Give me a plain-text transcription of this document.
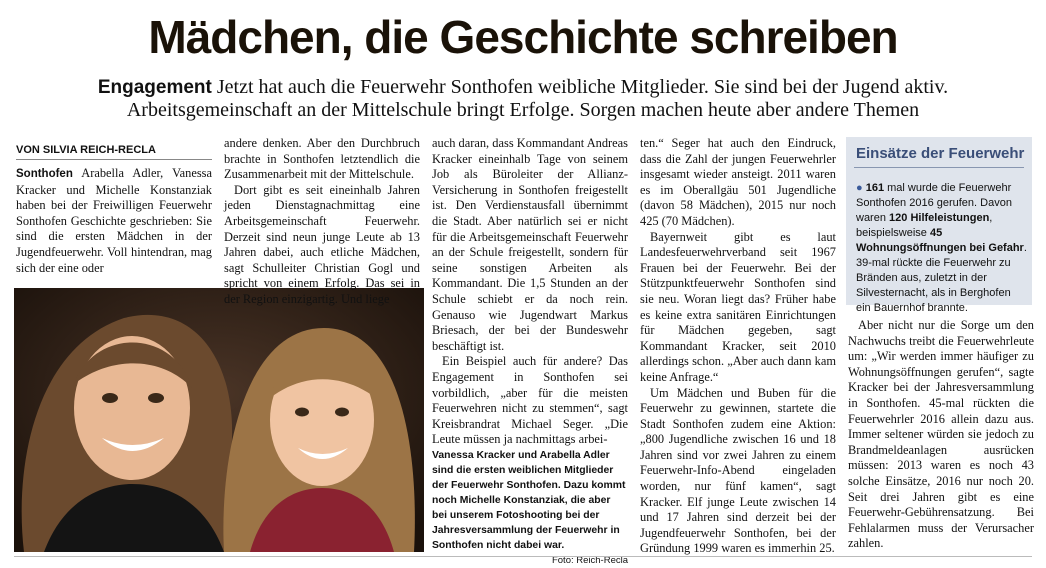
Mädchen, die Geschichte schreiben
Engagement Jetzt hat auch die Feuerwehr Sonthofen weibliche Mitglieder. Sie sind bei der Jugend aktiv.
Arbeitsgemeinschaft an der Mittelschule bringt Erfolge. Sorgen machen heute aber andere Themen
VON SILVIA REICH-RECLA

Sonthofen Arabella Adler, Vanessa Kracker und Michelle Konstanziak haben bei der Freiwilligen Feuerwehr Sonthofen Geschichte geschrieben: Sie sind die ersten Mädchen in der Jugendfeuerwehr. Voll hintendran, mag sich der eine oder

andere denken. Aber den Durchbruch brachte in Sonthofen letztendlich die Zusammenarbeit mit der Mittelschule.

Dort gibt es seit eineinhalb Jahren jeden Dienstagnachmittag eine Arbeitsgemeinschaft Feuerwehr. Derzeit sind neun junge Leute ab 13 Jahren dabei, auch etliche Mädchen, sagt Schulleiter Christian Gogl und spricht von einem Erfolg. Das sei in der Region einzigartig. Und liege

auch daran, dass Kommandant Andreas Kracker eineinhalb Tage von seinem Job als Büroleiter der Allianz-Versicherung in Sonthofen freigestellt ist. Den Verdienstausfall übernimmt die Stadt. Aber natürlich sei er nicht für die Arbeitsgemeinschaft Feuerwehr an der Schule freigestellt, sondern für seine sonstigen Arbeiten als Kommandant. Die 1,5 Stunden an der Schule schiebt er da noch rein. Genauso wie Jugendwart Markus Briesach, der bei der Bundeswehr beschäftigt ist.

Ein Beispiel auch für andere? Das Engagement in Sonthofen sei vorbildlich, „aber für die meisten Feuerwehren nicht zu stemmen“, sagt Kreisbrandrat Michael Seger. „Die Leute müssen ja nachmittags arbei-

Vanessa Kracker und Arabella Adler sind die ersten weiblichen Mitglieder der Feuerwehr Sonthofen. Dazu kommt noch Michelle Konstanziak, die aber bei unserem Fotoshooting bei der Jahresversammlung der Feuerwehr in Sonthofen nicht dabei war.
Foto: Reich-Recla

ten.“ Seger hat auch den Eindruck, dass die Zahl der jungen Feuerwehrler insgesamt wieder ansteigt. 2011 waren es im Oberallgäu 501 Jugendliche (davon 58 Mädchen), 2015 nur noch 425 (70 Mädchen).

Bayernweit gibt es laut Landesfeuerwehrverband seit 1967 Frauen bei der Feuerwehr. Bei der Stützpunktfeuerwehr Sonthofen sind sie neu. Woran liegt das? Früher habe es keine extra sanitären Einrichtungen für Mädchen gegeben, sagt Kommandant Kracker, seit 2010 allerdings schon. „Aber auch dann kam keine Anfrage.“

Um Mädchen und Buben für die Feuerwehr zu gewinnen, startete die Stadt Sonthofen zudem eine Aktion: „800 Jugendliche zwischen 16 und 18 Jahren sind vor zwei Jahren zu einem Feuerwehr-Info-Abend eingeladen worden, nur fünf kamen“, sagt Kracker. Elf junge Leute zwischen 14 und 17 Jahren sind derzeit bei der Jugendfeuerwehr Sonthofen, bei der Gründung 1999 waren es immerhin 25.

Einsätze der Feuerwehr
● 161 mal wurde die Feuerwehr Sonthofen 2016 gerufen. Davon waren 120 Hilfeleistungen, beispielsweise 45 Wohnungsöffnungen bei Gefahr. 39-mal rückte die Feuerwehr zu Bränden aus, zuletzt in der Silvesternacht, als in Berghofen ein Bauernhof brannte.

Aber nicht nur die Sorge um den Nachwuchs treibt die Feuerwehrleute um: „Wir werden immer häufiger zu Wohnungsöffnungen gerufen“, sagte Kracker bei der Jahresversammlung in Sonthofen. 45-mal rückten die Feuerwehrler 2016 allein dazu aus. Immer seltener würden sie jedoch zu Brandmeldeanlagen ausrücken müssen: 2013 waren es noch 43 solche Einsätze, 2016 nur noch 20. Seit drei Jahren gibt es eine Feuerwehr-Gebührensatzung. Bei Fehlalarmen muss der Verursacher zahlen.
